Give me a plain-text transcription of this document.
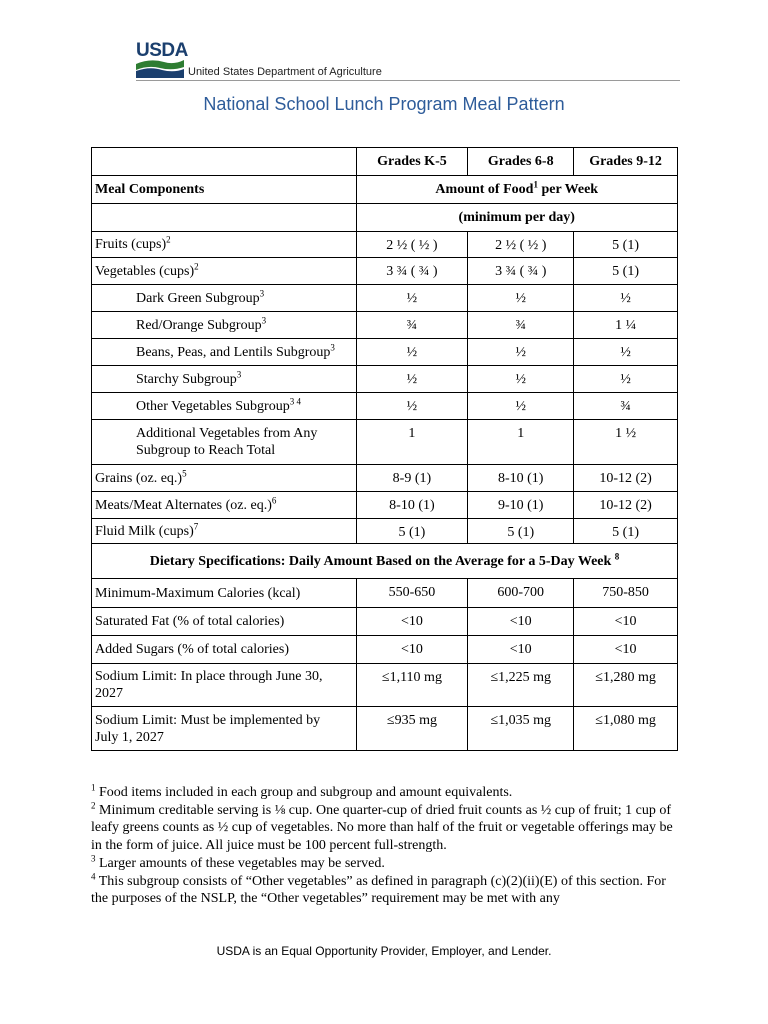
USDA
United States Department of Agriculture
National School Lunch Program Meal Pattern
	Grades K-5	Grades 6-8	Grades 9-12
Meal Components	Amount of Food$^1$ per Week		
	(minimum per day)		
Fruits (cups)$^2$	2 ½ ( ½ )	2 ½ ( ½ )	5 (1)
Vegetables (cups)$^2$	3 ¾ ( ¾ )	3 ¾ ( ¾ )	5 (1)
Dark Green Subgroup$^3$	½	½	½
Red/Orange Subgroup$^3$	¾	¾	1 ¼
Beans, Peas, and Lentils Subgroup$^3$	½	½	½
Starchy Subgroup$^3$	½	½	½
Other Vegetables Subgroup$^{3 4}$	½	½	¾
Additional Vegetables from Any
Subgroup to Reach Total	1	1	1 ½
Grains (oz. eq.)$^5$	8-9 (1)	8-10 (1)	10-12 (2)
Meats/Meat Alternates (oz. eq.)$^6$	8-10 (1)	9-10 (1)	10-12 (2)
Fluid Milk (cups)$^7$	5 (1)	5 (1)	5 (1)
Dietary Specifications: Daily Amount Based on the Average for a 5-Day Week $^8$
Minimum-Maximum Calories (kcal)	550-650	600-700	750-850
Saturated Fat (% of total calories)	<10	<10	<10
Added Sugars (% of total calories)	<10	<10	<10
Sodium Limit: In place through June 30,
2027	≤1,110 mg	≤1,225 mg	≤1,280 mg
Sodium Limit: Must be implemented by
July 1, 2027	≤935 mg	≤1,035 mg	≤1,080 mg

$^1$ Food items included in each group and subgroup and amount equivalents.

$^2$ Minimum creditable serving is ⅛ cup. One quarter-cup of dried fruit counts as ½ cup of fruit; 1 cup of leafy greens counts as ½ cup of vegetables. No more than half of the fruit or vegetable offerings may be in the form of juice. All juice must be 100 percent full-strength.

$^3$ Larger amounts of these vegetables may be served.

$^4$ This subgroup consists of “Other vegetables” as defined in paragraph (c)(2)(ii)(E) of this section. For the purposes of the NSLP, the “Other vegetables” requirement may be met with any

USDA is an Equal Opportunity Provider, Employer, and Lender.
